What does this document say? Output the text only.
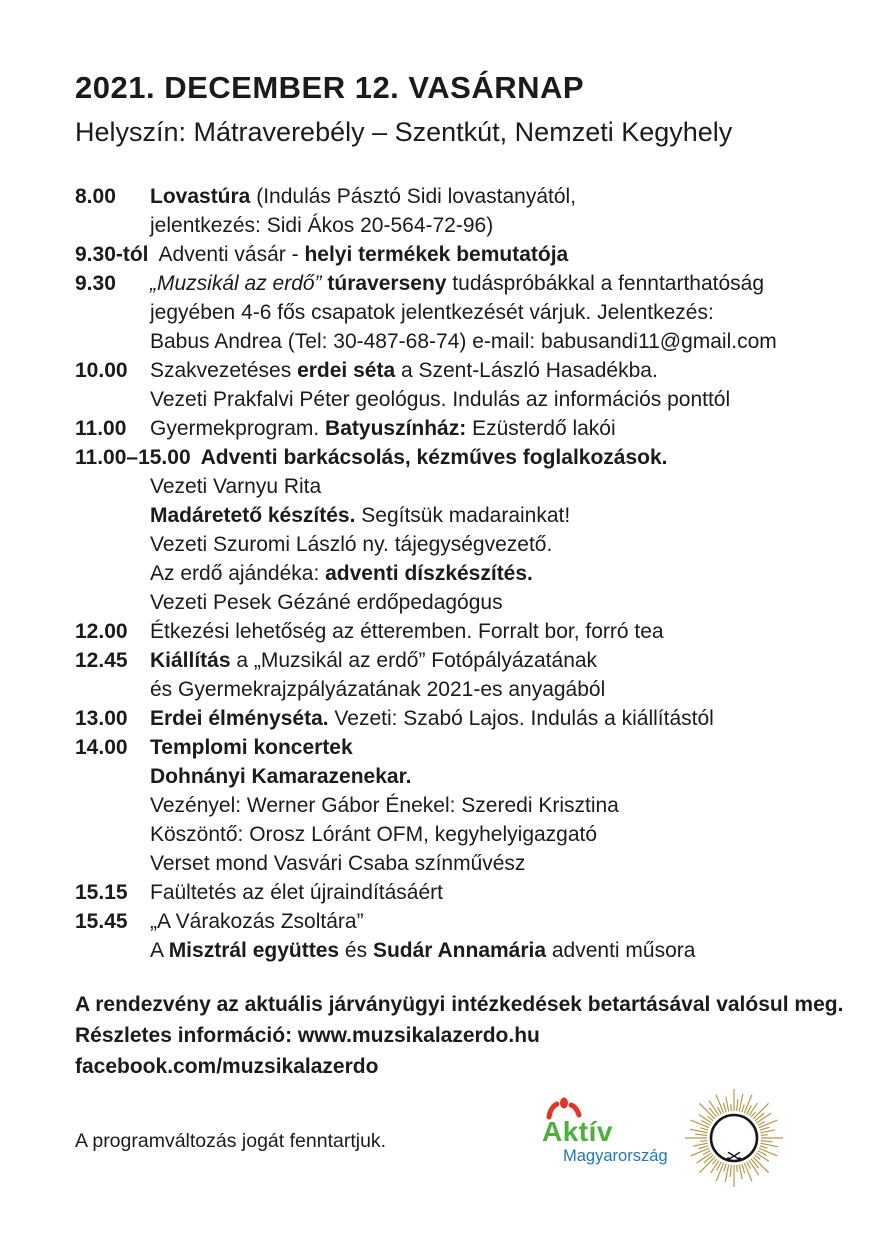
2021. DECEMBER 12. VASÁRNAP
Helyszín: Mátraverebély – Szentkút, Nemzeti Kegyhely
8.00	Lovastúra (Indulás Pásztó Sidi lovastanyától,
jelentkezés: Sidi Ákos 20-564-72-96)
9.30-tól Adventi vásár - helyi termékek bemutatója
9.30	„Muzsikál az erdő” túraverseny tudáspróbákkal a fenntarthatóság
jegyében 4-6 fős csapatok jelentkezését várjuk. Jelentkezés:
Babus Andrea (Tel: 30-487-68-74) e-mail: babusandi11@gmail.com
10.00	Szakvezetéses erdei séta a Szent-László Hasadékba.
Vezeti Prakfalvi Péter geológus. Indulás az információs ponttól
11.00	Gyermekprogram. Batyuszínház: Ezüsterdő lakói
11.00–15.00 Adventi barkácsolás, kézműves foglalkozások.
Vezeti Varnyu Rita
Madáretető készítés. Segítsük madarainkat!
Vezeti Szuromi László ny. tájegységvezető.
Az erdő ajándéka: adventi díszkészítés.
Vezeti Pesek Gézáné erdőpedagógus
12.00	Étkezési lehetőség az étteremben. Forralt bor, forró tea
12.45	Kiállítás a „Muzsikál az erdő” Fotópályázatának
és Gyermekrajzpályázatának 2021-es anyagából
13.00	Erdei élményséta. Vezeti: Szabó Lajos. Indulás a kiállítástól
14.00	Templomi koncertek
Dohnányi Kamarazenekar.
Vezényel: Werner Gábor Énekel: Szeredi Krisztina
Köszöntő: Orosz Lóránt OFM, kegyhelyigazgató
Verset mond Vasvári Csaba színművész
15.15	Faültetés az élet újraindításáért
15.45	„A Várakozás Zsoltára”
A Misztrál együttes és Sudár Annamária adventi műsora
A rendezvény az aktuális járványügyi intézkedések betartásával valósul meg.
Részletes információ: www.muzsikalazerdo.hu
facebook.com/muzsikalazerdo
A programváltozás jogát fenntartjuk.	Aktív
Magyarország
